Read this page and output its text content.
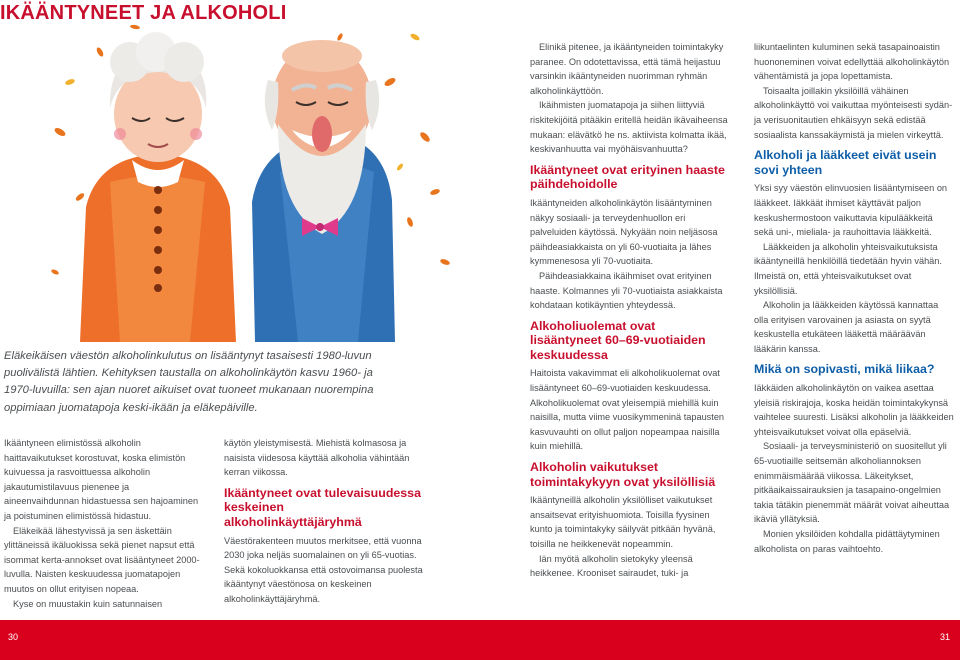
IKÄÄNTYNEET JA ALKOHOLI
Eläkeikäisen väestön alkoholinkulutus on lisääntynyt tasaisesti 1980-luvun puolivälistä lähtien. Kehityksen taustalla on alkoholinkäytön kasvu 1960- ja 1970-luvuilla: sen ajan nuoret aikuiset ovat tuoneet mukanaan nuorempina oppimiaan juomatapoja keski-ikään ja eläkepäiville.

Ikääntyneen elimistössä alkoholin haittavaikutukset korostuvat, koska elimistön kuivuessa ja rasvoittuessa alkoholin jakautumistilavuus pienenee ja aineenvaihdunnan hidastuessa sen hajoaminen ja poistuminen elimistössä hidastuu.

Eläkeikää lähestyvissä ja sen äskettäin ylittäneissä ikäluokissa sekä pienet napsut että isommat kerta-annokset ovat lisääntyneet 2000-luvulla. Naisten keskuudessa juomatapojen muutos on ollut erityisen nopeaa.

Kyse on muustakin kuin satunnaisen

käytön yleistymisestä. Miehistä kolmasosa ja naisista viidesosa käyttää alkoholia vähintään kerran viikossa.

Ikääntyneet ovat tulevaisuudessa keskeinen alkoholinkäyttäjäryhmä

Väestörakenteen muutos merkitsee, että vuonna 2030 joka neljäs suomalainen on yli 65-vuotias. Sekä kokoluokkansa että ostovoimansa puolesta ikääntynyt väestönosa on keskeinen alkoholinkäyttäjäryhmä.

Elinikä pitenee, ja ikääntyneiden toimintakyky paranee. On odotettavissa, että tämä heijastuu varsinkin ikääntyneiden nuorimman ryhmän alkoholinkäyttöön.

Ikäihmisten juomatapoja ja siihen liittyviä riskitekijöitä pitääkin eritellä heidän ikävaiheensa mukaan: elävätkö he ns. aktiivista kolmatta ikää, keskivanhuutta vai myöhäisvanhuutta?

Ikääntyneet ovat erityinen haaste päihdehoidolle

Ikääntyneiden alkoholinkäytön lisääntyminen näkyy sosiaali- ja terveydenhuollon eri palveluiden käytössä. Nykyään noin neljäsosa päihdeasiakkaista on yli 60-vuotiaita ja lähes kymmenesosa yli 70-vuotiaita.

Päihdeasiakkaina ikäihmiset ovat erityinen haaste. Kolmannes yli 70-vuotiaista asiakkaista kohdataan kotikäyntien yhteydessä.

Alkoholiuolemat ovat lisääntyneet 60–69-vuotiaiden keskuudessa

Haitoista vakavimmat eli alkoholikuolemat ovat lisääntyneet 60–69-vuotiaiden keskuudessa. Alkoholikuolemat ovat yleisempiä miehillä kuin naisilla, mutta viime vuosikymmeninä tapausten kasvuvauhti on ollut paljon nopeampaa naisilla kuin miehillä.

Alkoholin vaikutukset toimintakykyyn ovat yksilöllisiä

Ikääntyneillä alkoholin yksilölliset vaikutukset ansaitsevat erityishuomiota. Toisilla fyysinen kunto ja toimintakyky säilyvät pitkään hyvänä, toisilla ne heikkenevät nopeammin.

Iän myötä alkoholin sietokyky yleensä heikkenee. Krooniset sairaudet, tuki- ja

liikuntaelinten kuluminen sekä tasapainoaistin huononeminen voivat edellyttää alkoholinkäytön vähentämistä ja jopa lopettamista.

Toisaalta joillakin yksilöillä vähäinen alkoholinkäyttö voi vaikuttaa myönteisesti sydän- ja verisuonitautien ehkäisyyn sekä edistää sosiaalista kanssakäymistä ja mielen virkeyttä.

Alkoholi ja lääkkeet eivät usein sovi yhteen

Yksi syy väestön elinvuosien lisääntymiseen on lääkkeet. Iäkkäät ihmiset käyttävät paljon keskushermostoon vaikuttavia kipulääkkeitä sekä uni-, mieliala- ja rauhoittavia lääkkeitä.

Lääkkeiden ja alkoholin yhteisvaikutuksista ikääntyneillä henkilöillä tiedetään hyvin vähän. Ilmeistä on, että yhteisvaikutukset ovat yksilöllisiä.

Alkoholin ja lääkkeiden käytössä kannattaa olla erityisen varovainen ja asiasta on syytä keskustella etukäteen lääkettä määräävän lääkärin kanssa.

Mikä on sopivasti, mikä liikaa?

Iäkkäiden alkoholinkäytön on vaikea asettaa yleisiä riskirajoja, koska heidän toimintakykynsä vaihtelee suuresti. Lisäksi alkoholin ja lääkkeiden yhteisvaikutukset voivat olla epäselviä.

Sosiaali- ja terveysministeriö on suositellut yli 65-vuotiaille seitsemän alkoholiannoksen enimmäismäärää viikossa. Läkeitykset, pitkäaikaissairauksien ja tasapaino-ongelmien takia tätäkin pienemmät määrät voivat aiheuttaa ikäviä yllätyksiä.

Monien yksilöiden kohdalla pidättäytyminen alkoholista on paras vaihtoehto.

30	31
